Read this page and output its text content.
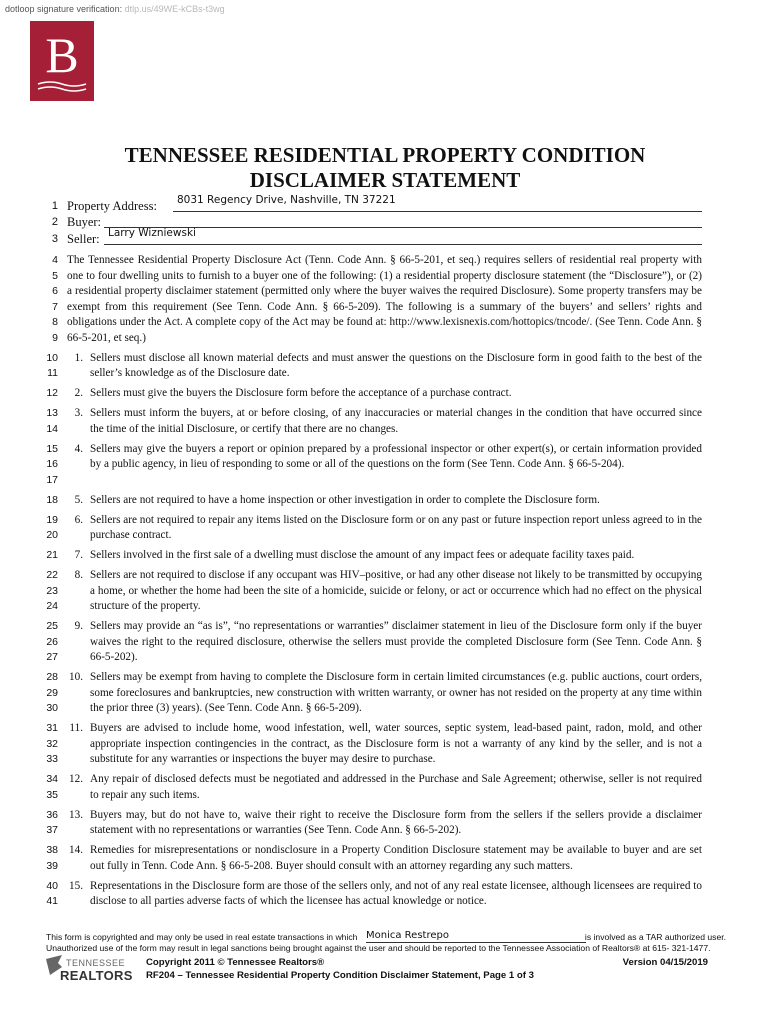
dotloop signature verification: dtlp.us/49WE-kCBs-t3wg
B
TENNESSEE RESIDENTIAL PROPERTY CONDITION
DISCLAIMER STATEMENT
1 Property Address: 8031 Regency Drive, Nashville, TN 37221
2 Buyer:
3 Seller: Larry Wizniewski
4
5
6
7
8
9
The Tennessee Residential Property Disclosure Act (Tenn. Code Ann. § 66-5-201, et seq.) requires sellers of residential real property with one to four dwelling units to furnish to a buyer one of the following: (1) a residential property disclosure statement (the “Disclosure”), or (2) a residential property disclaimer statement (permitted only where the buyer waives the required Disclosure). Some property transfers may be exempt from this requirement (See Tenn. Code Ann. § 66-5-209). The following is a summary of the buyers’ and sellers’ rights and obligations under the Act. A complete copy of the Act may be found at: http://www.lexisnexis.com/hottopics/tncode/. (See Tenn. Code Ann. § 66-5-201, et seq.)
10
11
1. Sellers must disclose all known material defects and must answer the questions on the Disclosure form in good faith to the best of the seller’s knowledge as of the Disclosure date.
12	2. Sellers must give the buyers the Disclosure form before the acceptance of a purchase contract.
13
14
3. Sellers must inform the buyers, at or before closing, of any inaccuracies or material changes in the condition that have occurred since the time of the initial Disclosure, or certify that there are no changes.
15
16
17
4. Sellers may give the buyers a report or opinion prepared by a professional inspector or other expert(s), or certain information provided by a public agency, in lieu of responding to some or all of the questions on the form (See Tenn. Code Ann. § 66-5-204).
18	5. Sellers are not required to have a home inspection or other investigation in order to complete the Disclosure form.
19
20
6. Sellers are not required to repair any items listed on the Disclosure form or on any past or future inspection report unless agreed to in the purchase contract.
21	7. Sellers involved in the first sale of a dwelling must disclose the amount of any impact fees or adequate facility taxes paid.
22
23
24
8. Sellers are not required to disclose if any occupant was HIV–positive, or had any other disease not likely to be transmitted by occupying a home, or whether the home had been the site of a homicide, suicide or felony, or act or occurrence which had no effect on the physical structure of the property.
25
26
27
9. Sellers may provide an “as is”, “no representations or warranties” disclaimer statement in lieu of the Disclosure form only if the buyer waives the right to the required disclosure, otherwise the sellers must provide the completed Disclosure form (See Tenn. Code Ann. § 66-5-202).
28
29
30
10. Sellers may be exempt from having to complete the Disclosure form in certain limited circumstances (e.g. public auctions, court orders, some foreclosures and bankruptcies, new construction with written warranty, or owner has not resided on the property at any time within the prior three (3) years). (See Tenn. Code Ann. § 66-5-209).
31
32
33
11. Buyers are advised to include home, wood infestation, well, water sources, septic system, lead-based paint, radon, mold, and other appropriate inspection contingencies in the contract, as the Disclosure form is not a warranty of any kind by the seller, and is not a substitute for any warranties or inspections the buyer may desire to purchase.
34
35
12. Any repair of disclosed defects must be negotiated and addressed in the Purchase and Sale Agreement; otherwise, seller is not required to repair any such items.
36
37
13. Buyers may, but do not have to, waive their right to receive the Disclosure form from the sellers if the sellers provide a disclaimer statement with no representations or warranties (See Tenn. Code Ann. § 66-5-202).
38
39
14. Remedies for misrepresentations or nondisclosure in a Property Condition Disclosure statement may be available to buyer and are set out fully in Tenn. Code Ann. § 66-5-208. Buyer should consult with an attorney regarding any such matters.
40
41
15. Representations in the Disclosure form are those of the sellers only, and not of any real estate licensee, although licensees are required to disclose to all parties adverse facts of which the licensee has actual knowledge or notice.
This form is copyrighted and may only be used in real estate transactions in which Monica Restrepo	is involved as a TAR authorized user.
Unauthorized use of the form may result in legal sanctions being brought against the user and should be reported to the Tennessee Association of Realtors® at 615- 321-1477.
TENNESSEE
REALTORS
Copyright 2011 © Tennessee Realtors®	Version 04/15/2019
RF204 – Tennessee Residential Property Condition Disclaimer Statement, Page 1 of 3
